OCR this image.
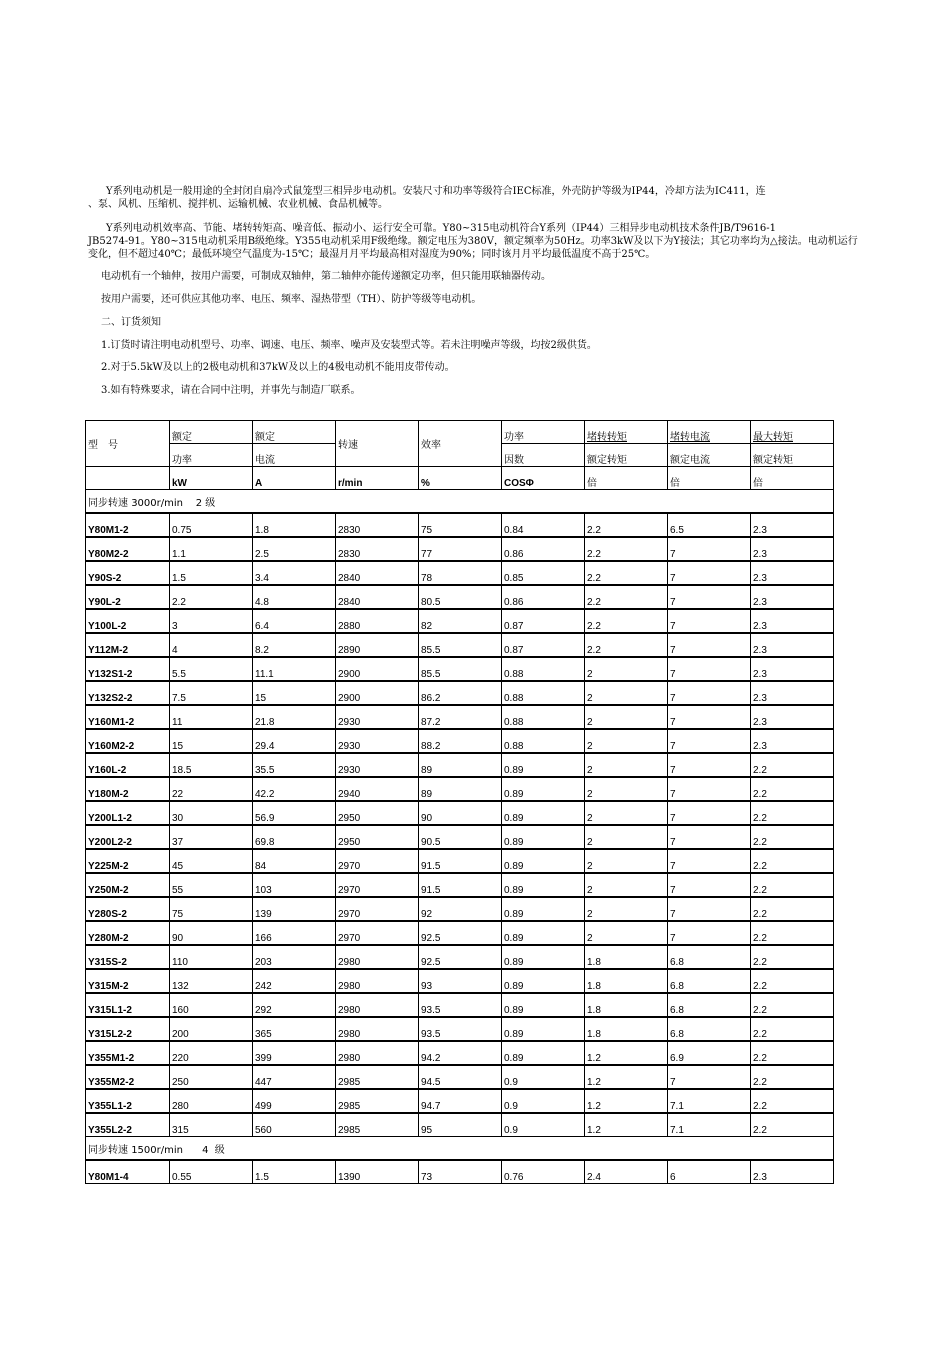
Y系列电动机是一般用途的全封闭自扇冷式鼠笼型三相异步电动机。安装尺寸和功率等级符合IEC标准，外壳防护等级为IP44，冷却方法为IC411，连
、泵、风机、压缩机、搅拌机、运输机械、农业机械、食品机械等。
Y系列电动机效率高、节能、堵转转矩高、噪音低、振动小、运行安全可靠。Y80~315电动机符合Y系列（IP44）三相异步电动机技术条件JB/T9616-1
JB5274-91。Y80~315电动机采用B级绝缘。Y355电动机采用F级绝缘。额定电压为380V，额定频率为50Hz。功率3kW及以下为Y接法；其它功率均为△接法。电动机运行
变化，但不超过40℃；最低环境空气温度为-15℃；最湿月月平均最高相对湿度为90%；同时该月月平均最低温度不高于25℃。
电动机有一个轴伸，按用户需要，可制成双轴伸，第二轴伸亦能传递额定功率，但只能用联轴器传动。
按用户需要，还可供应其他功率、电压、频率、湿热带型（TH）、防护等级等电动机。
二、订货须知
1.订货时请注明电动机型号、功率、调速、电压、频率、噪声及安装型式等。若未注明噪声等级，均按2级供货。
2.对于5.5kW及以上的2极电动机和37kW及以上的4极电动机不能用皮带传动。
3.如有特殊要求，请在合同中注明，并事先与制造厂联系。
型　号	额定	额定	转速	效率	功率	堵转转矩	堵转电流	最大转矩
	功率	电流			因数	额定转矩	额定电流	额定转矩
	kW	A	r/min	%	COSΦ	倍	倍	倍
同步转速 3000r/min 2 级								
Y80M1-2	0.75	1.8	2830	75	0.84	2.2	6.5	2.3
Y80M2-2	1.1	2.5	2830	77	0.86	2.2	7	2.3
Y90S-2	1.5	3.4	2840	78	0.85	2.2	7	2.3
Y90L-2	2.2	4.8	2840	80.5	0.86	2.2	7	2.3
Y100L-2	3	6.4	2880	82	0.87	2.2	7	2.3
Y112M-2	4	8.2	2890	85.5	0.87	2.2	7	2.3
Y132S1-2	5.5	11.1	2900	85.5	0.88	2	7	2.3
Y132S2-2	7.5	15	2900	86.2	0.88	2	7	2.3
Y160M1-2	11	21.8	2930	87.2	0.88	2	7	2.3
Y160M2-2	15	29.4	2930	88.2	0.88	2	7	2.3
Y160L-2	18.5	35.5	2930	89	0.89	2	7	2.2
Y180M-2	22	42.2	2940	89	0.89	2	7	2.2
Y200L1-2	30	56.9	2950	90	0.89	2	7	2.2
Y200L2-2	37	69.8	2950	90.5	0.89	2	7	2.2
Y225M-2	45	84	2970	91.5	0.89	2	7	2.2
Y250M-2	55	103	2970	91.5	0.89	2	7	2.2
Y280S-2	75	139	2970	92	0.89	2	7	2.2
Y280M-2	90	166	2970	92.5	0.89	2	7	2.2
Y315S-2	110	203	2980	92.5	0.89	1.8	6.8	2.2
Y315M-2	132	242	2980	93	0.89	1.8	6.8	2.2
Y315L1-2	160	292	2980	93.5	0.89	1.8	6.8	2.2
Y315L2-2	200	365	2980	93.5	0.89	1.8	6.8	2.2
Y355M1-2	220	399	2980	94.2	0.89	1.2	6.9	2.2
Y355M2-2	250	447	2985	94.5	0.9	1.2	7	2.2
Y355L1-2	280	499	2985	94.7	0.9	1.2	7.1	2.2
Y355L2-2	315	560	2985	95	0.9	1.2	7.1	2.2
同步转速 1500r/min 4 级								
Y80M1-4	0.55	1.5	1390	73	0.76	2.4	6	2.3
